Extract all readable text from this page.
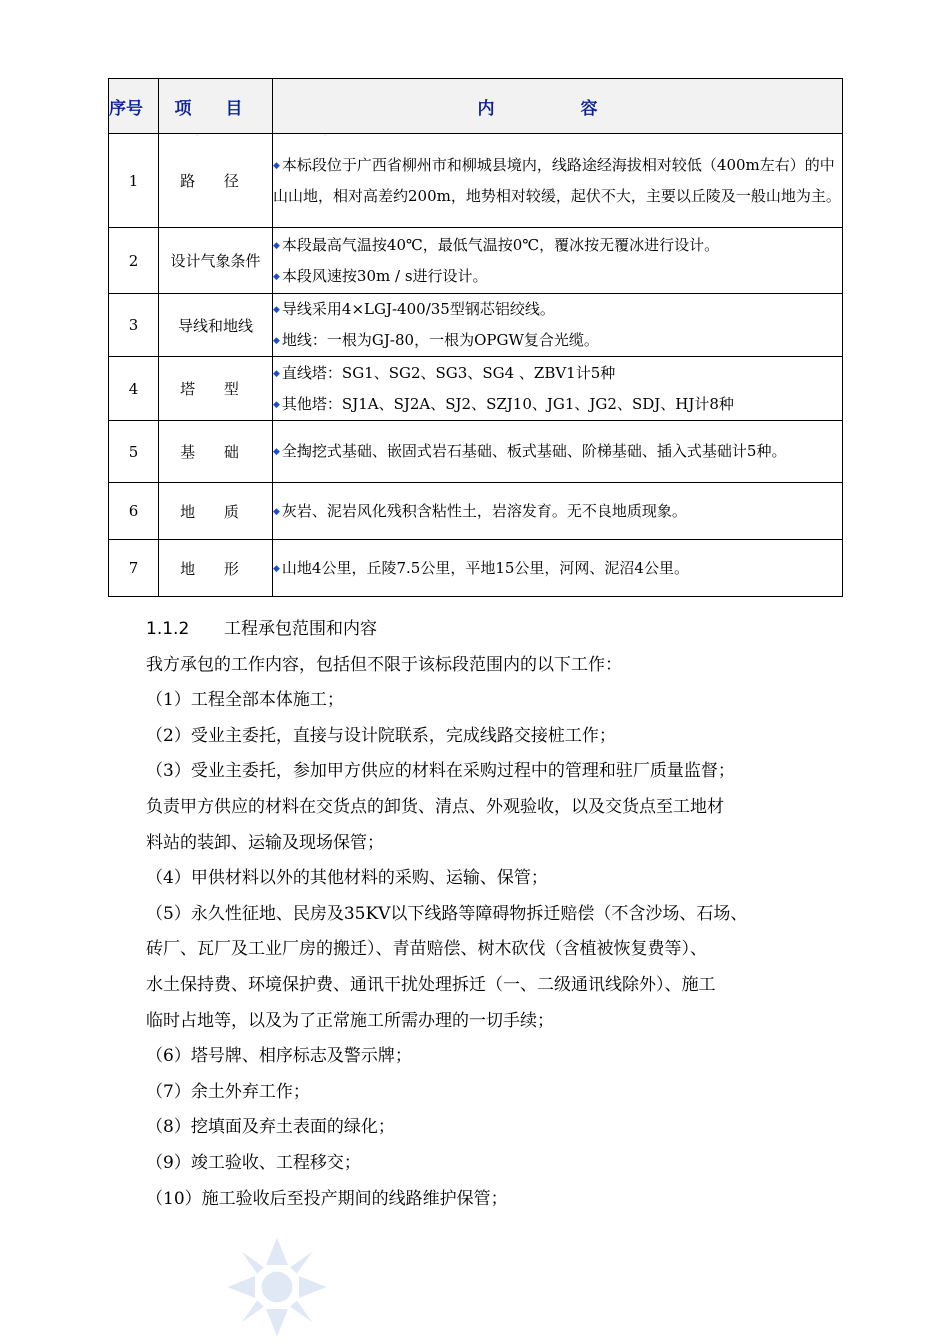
序号	项 目	内 容
1	路 径	◆ 本标段位于广西省柳州市和柳城县境内，线路途经海拔相对较低（400m左右）的中山山地，相对高差约200m，地势相对较缓，起伏不大，主要以丘陵及一般山地为主。

2	设计气象条件	◆ 本段最高气温按40℃，最低气温按0℃，覆冰按无覆冰进行设计。
◆ 本段风速按30m / s进行设计。

3	导线和地线	◆ 导线采用4×LGJ-400/35型钢芯铝绞线。
◆ 地线：一根为GJ-80，一根为OPGW复合光缆。

4	塔 型	◆ 直线塔：SG1、SG2、SG3、SG4 、ZBV1计5种
◆ 其他塔：SJ1A、SJ2A、SJ2、SZJ10、JG1、JG2、SDJ、HJ计8种

5	基 础	◆ 全掏挖式基础、嵌固式岩石基础、板式基础、阶梯基础、插入式基础计5种。

6	地 质	◆ 灰岩、泥岩风化残积含粘性土，岩溶发育。无不良地质现象。

7	地 形	◆ 山地4公里，丘陵7.5公里，平地15公里，河网、泥沼4公里。

1.1.2 工程承包范围和内容

我方承包的工作内容，包括但不限于该标段范围内的以下工作：

（1）工程全部本体施工；

（2）受业主委托，直接与设计院联系，完成线路交接桩工作；

（3）受业主委托，参加甲方供应的材料在采购过程中的管理和驻厂质量监督；

负责甲方供应的材料在交货点的卸货、清点、外观验收，以及交货点至工地材

料站的装卸、运输及现场保管；

（4）甲供材料以外的其他材料的采购、运输、保管；

（5）永久性征地、民房及35KV以下线路等障碍物拆迁赔偿（不含沙场、石场、

砖厂、瓦厂及工业厂房的搬迁）、青苗赔偿、树木砍伐（含植被恢复费等）、

水土保持费、环境保护费、通讯干扰处理拆迁（一、二级通讯线除外）、施工

临时占地等，以及为了正常施工所需办理的一切手续；

（6）塔号牌、相序标志及警示牌；

（7）余土外弃工作；

（8）挖填面及弃土表面的绿化；

（9）竣工验收、工程移交；

（10）施工验收后至投产期间的线路维护保管；
